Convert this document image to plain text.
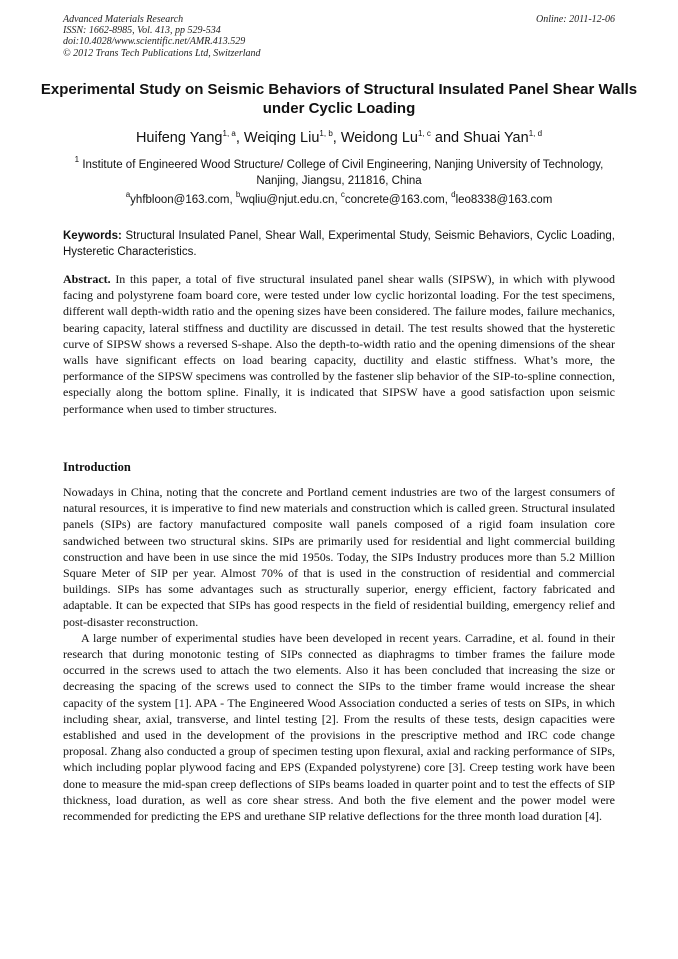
Advanced Materials Research
ISSN: 1662-8985, Vol. 413, pp 529-534
doi:10.4028/www.scientific.net/AMR.413.529
© 2012 Trans Tech Publications Ltd, Switzerland
Online: 2011-12-06
Experimental Study on Seismic Behaviors of Structural Insulated Panel Shear Walls under Cyclic Loading
Huifeng Yang$^{1, a}$, Weiqing Liu$^{1, b}$, Weidong Lu$^{1, c}$ and Shuai Yan$^{1, d}$
$^1$ Institute of Engineered Wood Structure/ College of Civil Engineering, Nanjing University of Technology, Nanjing, Jiangsu, 211816, China
$^a$yhfbloon@163.com, $^b$wqliu@njut.edu.cn, $^c$concrete@163.com, $^d$leo8338@163.com
Keywords: Structural Insulated Panel, Shear Wall, Experimental Study, Seismic Behaviors, Cyclic Loading, Hysteretic Characteristics.
Abstract. In this paper, a total of five structural insulated panel shear walls (SIPSW), in which with plywood facing and polystyrene foam board core, were tested under low cyclic horizontal loading. For the test specimens, different wall depth-width ratio and the opening sizes have been considered. The failure modes, failure mechanics, bearing capacity, lateral stiffness and ductility are discussed in detail. The test results showed that the hysteretic curve of SIPSW shows a reversed S-shape. Also the depth-to-width ratio and the opening dimensions of the shear walls have significant effects on load bearing capacity, ductility and elastic stiffness. What’s more, the performance of the SIPSW specimens was controlled by the fastener slip behavior of the SIP-to-spline connection, especially along the bottom spline. Finally, it is indicated that SIPSW have a good satisfaction upon seismic performance when used to timber structures.
Introduction

Nowadays in China, noting that the concrete and Portland cement industries are two of the largest consumers of natural resources, it is imperative to find new materials and construction which is called green. Structural insulated panels (SIPs) are factory manufactured composite wall panels composed of a rigid foam insulation core sandwiched between two structural skins. SIPs are primarily used for residential and light commercial building construction and have been in use since the mid 1950s. Today, the SIPs Industry produces more than 5.2 Million Square Meter of SIP per year. Almost 70% of that is used in the construction of residential and commercial buildings. SIPs has some advantages such as structurally superior, energy efficient, factory fabricated and adaptable. It can be expected that SIPs has good respects in the field of residential building, emergency relief and post-disaster reconstruction.

A large number of experimental studies have been developed in recent years. Carradine, et al. found in their research that during monotonic testing of SIPs connected as diaphragms to timber frames the failure mode occurred in the screws used to attach the two elements. Also it has been concluded that increasing the size or decreasing the spacing of the screws used to connect the SIPs to the timber frame would increase the shear capacity of the system [1]. APA - The Engineered Wood Association conducted a series of tests on SIPs, in which including shear, axial, transverse, and lintel testing [2]. From the results of these tests, design capacities were established and used in the development of the provisions in the prescriptive method and IRC code change proposal. Zhang also conducted a group of specimen testing upon flexural, axial and racking performance of SIPs, which including poplar plywood facing and EPS (Expanded polystyrene) core [3]. Creep testing work have been done to measure the mid-span creep deflections of SIPs beams loaded in quarter point and to test the effects of SIP thickness, load duration, as well as core shear stress. And both the five element and the power model were recommended for predicting the EPS and urethane SIP relative deflections for the three month load duration [4].
